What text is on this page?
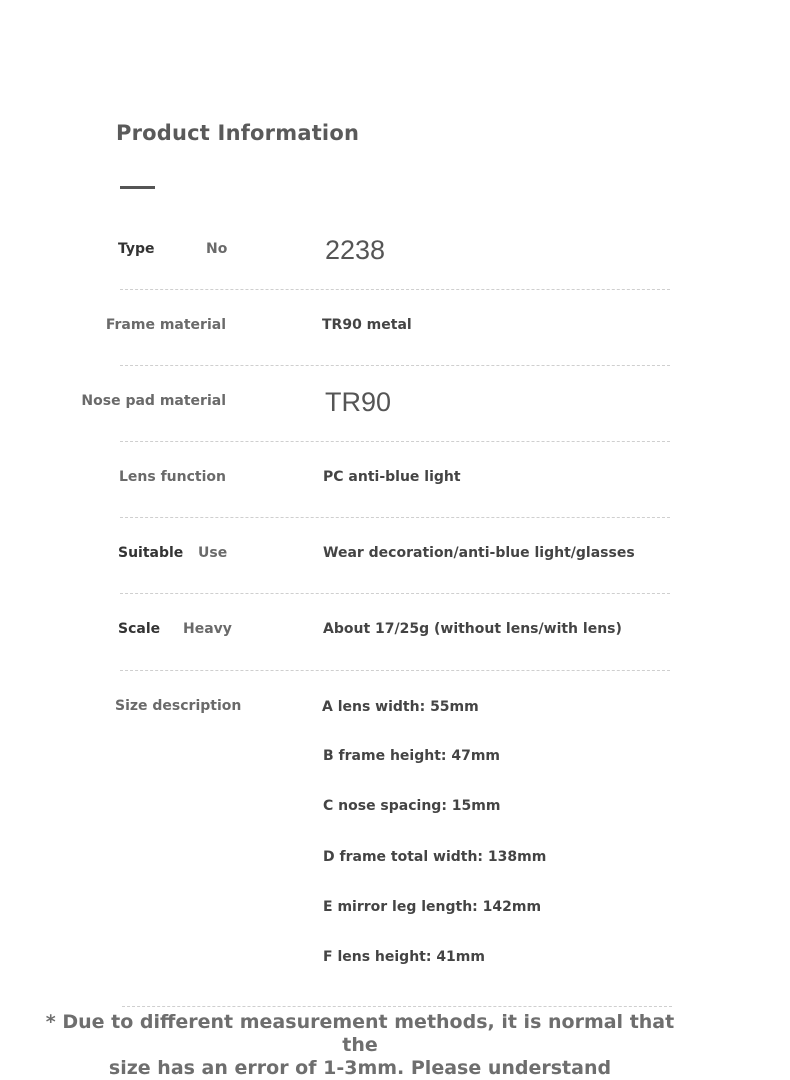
Product Information
Type	No	2238
Frame material	TR90 metal
Nose pad material	TR90
Lens function	PC anti-blue light
Suitable Use	Wear decoration/anti-blue light/glasses
Scale Heavy	About 17/25g (without lens/with lens)
Size description	A lens width: 55mm
B frame height: 47mm
C nose spacing: 15mm
D frame total width: 138mm
E mirror leg length: 142mm
F lens height: 41mm
* Due to different measurement methods, it is normal that the
size has an error of 1-3mm. Please understand
